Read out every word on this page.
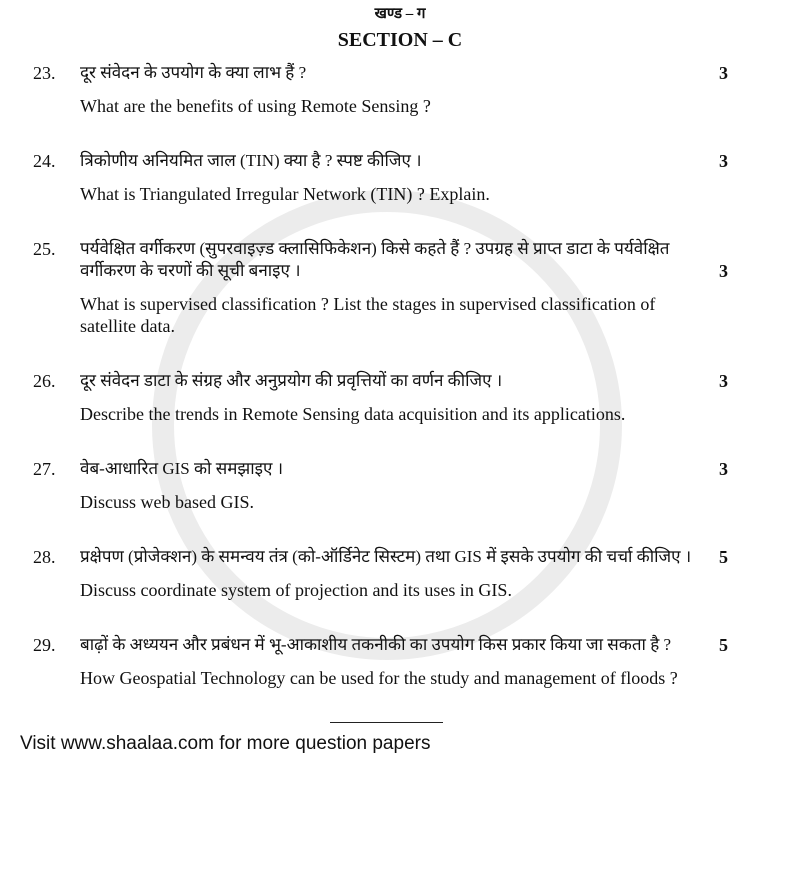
खण्ड – ग
SECTION – C
23.	दूर संवेदन के उपयोग के क्या लाभ हैं ?	3
What are the benefits of using Remote Sensing ?
24.	त्रिकोणीय अनियमित जाल (TIN) क्या है ? स्पष्ट कीजिए ।	3
What is Triangulated Irregular Network (TIN) ? Explain.
25.	पर्यवेक्षित वर्गीकरण (सुपरवाइज़्ड क्लासिफिकेशन) किसे कहते हैं ? उपग्रह से प्राप्त डाटा के पर्यवेक्षित
वर्गीकरण के चरणों की सूची बनाइए ।	3
What is supervised classification ? List the stages in supervised classification of
satellite data.
26.	दूर संवेदन डाटा के संग्रह और अनुप्रयोग की प्रवृत्तियों का वर्णन कीजिए ।	3
Describe the trends in Remote Sensing data acquisition and its applications.
27.	वेब-आधारित GIS को समझाइए ।	3
Discuss web based GIS.
28.	प्रक्षेपण (प्रोजेक्शन) के समन्वय तंत्र (को-ऑर्डिनेट सिस्टम) तथा GIS में इसके उपयोग की चर्चा कीजिए ।	5
Discuss coordinate system of projection and its uses in GIS.
29.	बाढ़ों के अध्ययन और प्रबंधन में भू-आकाशीय तकनीकी का उपयोग किस प्रकार किया जा सकता है ?	5
How Geospatial Technology can be used for the study and management of floods ?
Visit www.shaalaa.com for more question papers
